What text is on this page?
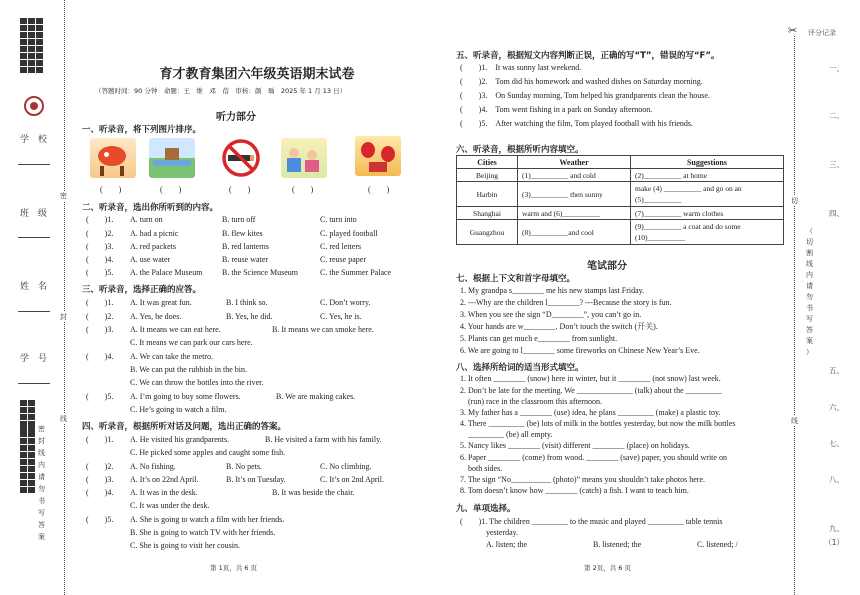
学　校
班　级
姓　名
学　号
密
封
线
内
请
勿
书
写
答
案
密
封
线
育才教育集团六年级英语期末试卷
（答题时间：90 分钟　命题：王　维　邓　蓓　审核：颜　瑀　2025 年 1 月 13 日）
听力部分
一、听录音，将下列图片排序。
(　　)	(　　)	(　　)	(　　)	(　　)
二、听录音，选出你所听到的内容。
(　　)1. A. turn on	B. turn off	C. turn into
(　　)2. A. had a picnic	B. flew kites	C. played football
(　　)3. A. red packets	B. red lanterns	C. red letters
(　　)4. A. use water	B. reuse water	C. reuse paper
(　　)5. A. the Palace Museum B. the Science Museum	C. the Summer Palace
三、听录音，选择正确的应答。
(　　)1. A. It was great fun.	B. I think so.	C. Don’t worry.
(　　)2. A. Yes, he does.	B. Yes, he did.	C. Yes, he is.
(　　)3. A. It means we can eat here.	B. It means we can smoke here.
C. It means we can park our cars here.
(　　)4. A. We can take the metro.
B. We can put the rubbish in the bin.
C. We can throw the bottles into the river.
(　　)5. A. I’m going to buy some flowers.	B. We are making cakes.
C. He’s going to watch a film.
四、听录音，根据所听对话及问题，选出正确的答案。
(　　)1. A. He visited his grandparents.	B. He visited a farm with his family.
C. He picked some apples and caught some fish.
(　　)2. A. No fishing.	B. No pets.	C. No climbing.
(　　)3. A. It’s on 22nd April.	B. It’s on Tuesday.	C. It’s on 2nd April.
(　　)4. A. It was in the desk.	B. It was beside the chair.
C. It was under the desk.
(　　)5. A. She is going to watch a film with her friends.
B. She is going to watch TV with her friends.
C. She is going to visit her cousin.
第 1页，共 6 页
五、听录音，根据短文内容判断正误，正确的写“T”，错误的写“F”。
(　　)1.　It was sunny last weekend.
(　　)2.　Tom did his homework and washed dishes on Saturday morning.
(　　)3.　On Sunday morning, Tom helped his grandparents clean the house.
(　　)4.　Tom went fishing in a park on Sunday afternoon.
(　　)5.　After watching the film, Tom played football with his friends.
六、听录音，根据所听内容填空。
Cities	Weather	Suggestions
Beijing	(1)__________ and cold	(2)__________ at home
Harbin	(3)__________ then sunny	make (4) __________ and go on an (5)__________
Shanghai	warm and (6)__________	(7)__________ warm clothes
Guangzhou	(8)__________and cool	(9)__________ a coat and do some (10)__________
笔试部分
七、根据上下文和首字母填空。
1. My grandpa s________ me his new stamps last Friday.
2. ---Why are the children l________? ---Because the story is fun.
3. When you see the sign “D________”, you can’t go in.
4. Your hands are w________. Don’t touch the switch (开关).
5. Plants can get much e________ from sunlight.
6. We are going to l________ some fireworks on Chinese New Year’s Eve.
八、选择所给词的适当形式填空。
1. It often ________ (snow) here in winter, but it ________ (not snow) last week.
2. Don’t be late for the meeting. We ______________ (talk) about the _________
(run) race in the classroom this afternoon.
3. My father has a ________ (use) idea, he plans _________ (make) a plastic toy.
4. There _________ (be) lots of milk in the bottles yesterday, but now the milk bottles
_________ (be) all empty.
5. Nancy likes ________ (visit) different ________ (place) on holidays.
6. Paper ________ (come) from wood. ________ (save) paper, you should write on
both sides.
7. The sign “No__________ (photo)” means you shouldn’t take photos here.
8. Tom doesn’t know how ________ (catch) a fish. I want to teach him.
九、单项选择。
(　　)1. The children _________ to the music and played _________ table tennis
yesterday.
A. listen; the	B. listened; the	C. listened; /
第 2页，共 6 页
✂ 评分记录
一、
二、
三、
四、
五、
六、
七、
八、
九、
（1）
（
切
割
线
内
请
勿
书
写
答
案
）
切
线
